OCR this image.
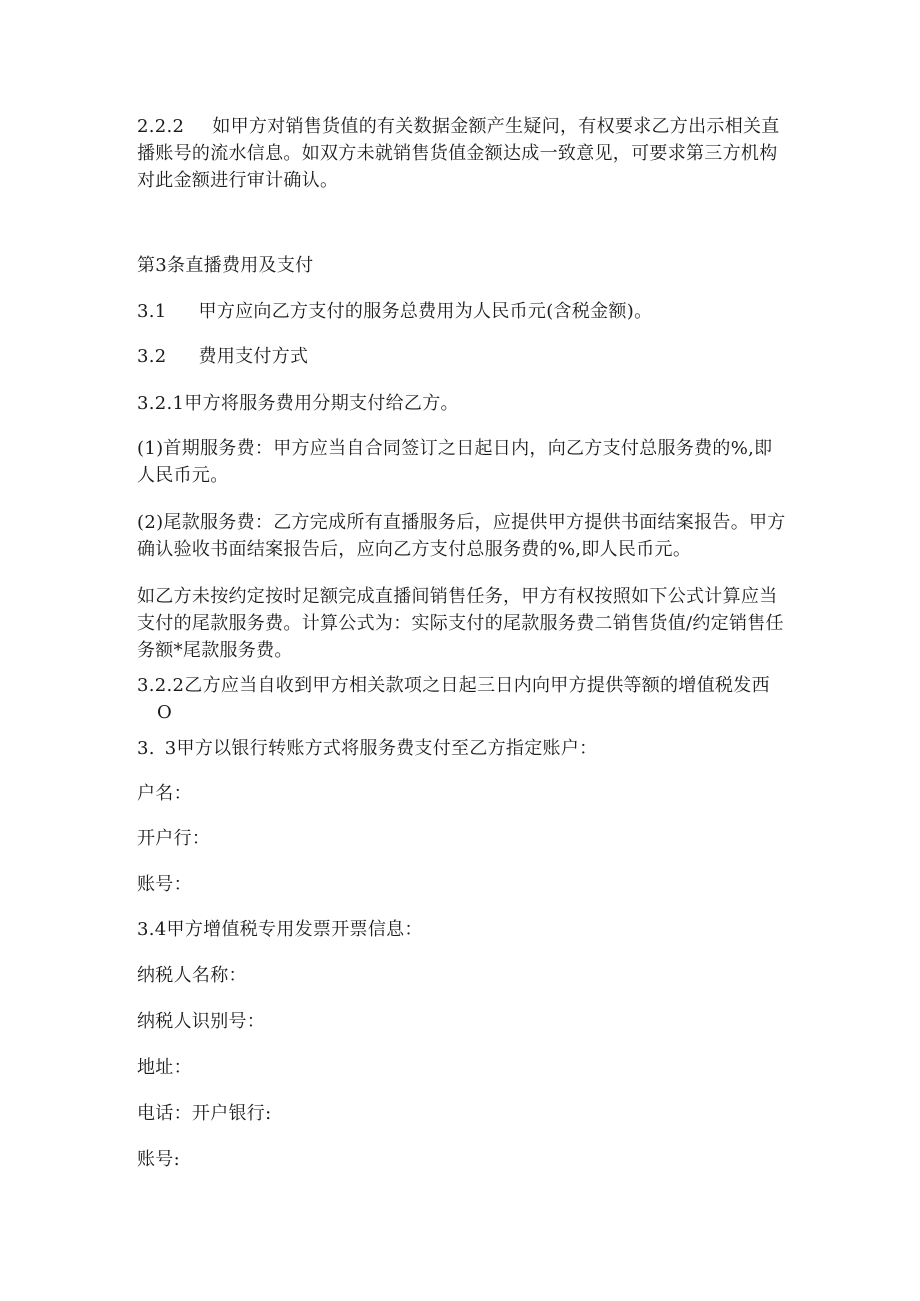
2.2.2 如甲方对销售货值的有关数据金额产生疑问，有权要求乙方出示相关直播账号的流水信息。如双方未就销售货值金额达成一致意见，可要求第三方机构对此金额进行审计确认。
第3条直播费用及支付
3.1 甲方应向乙方支付的服务总费用为人民币元(含税金额)。
3.2 费用支付方式
3.2.1甲方将服务费用分期支付给乙方。
(1)首期服务费：甲方应当自合同签订之日起日内，向乙方支付总服务费的%,即人民币元。
(2)尾款服务费：乙方完成所有直播服务后，应提供甲方提供书面结案报告。甲方确认验收书面结案报告后，应向乙方支付总服务费的%,即人民币元。
如乙方未按约定按时足额完成直播间销售任务，甲方有权按照如下公式计算应当支付的尾款服务费。计算公式为：实际支付的尾款服务费二销售货值/约定销售任务额*尾款服务费。
3.2.2乙方应当自收到甲方相关款项之日起三日内向甲方提供等额的增值税发西
O
3. 3甲方以银行转账方式将服务费支付至乙方指定账户：
户名：
开户行：
账号：
3.4甲方增值税专用发票开票信息：
纳税人名称：
纳税人识别号：
地址：
电话：开户银行:
账号:
